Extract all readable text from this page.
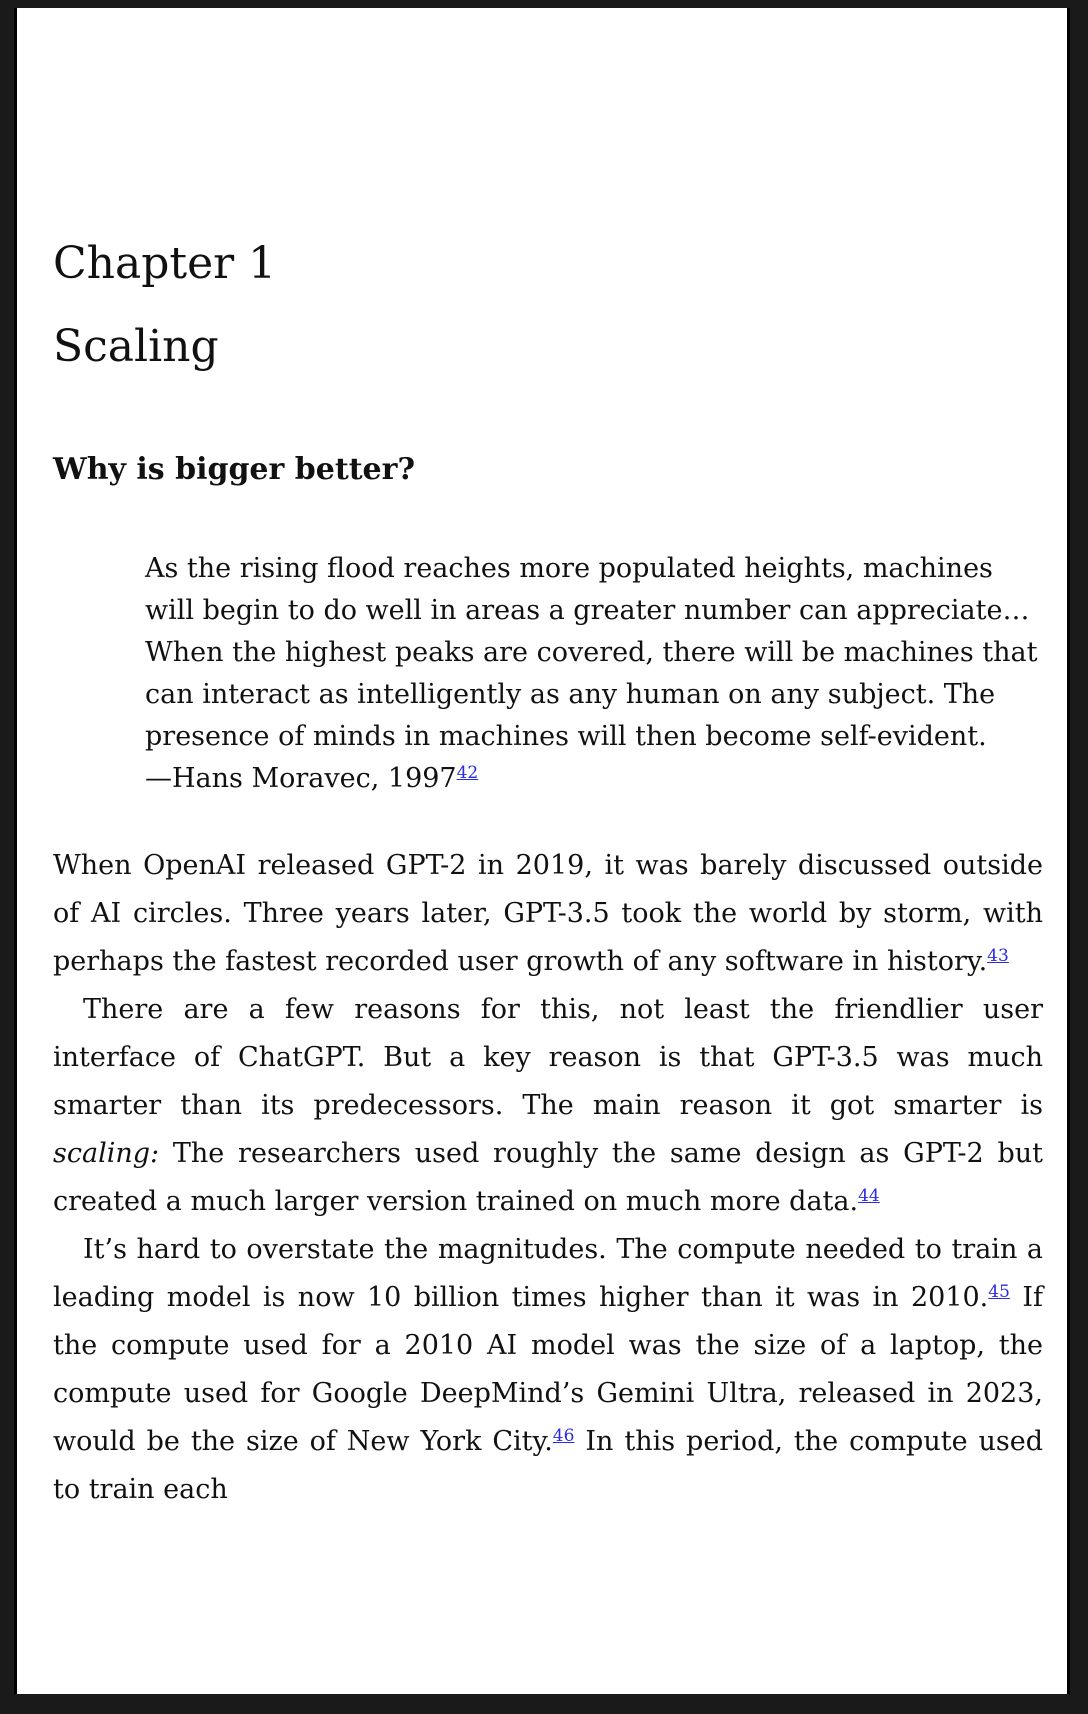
Chapter 1
Scaling
Why is bigger better?

As the rising flood reaches more populated heights, machines will begin to do well in areas a greater number can appreciate… When the highest peaks are covered, there will be machines that can interact as intelligently as any human on any subject. The presence of minds in machines will then become self-evident.

—Hans Moravec, 1997$^{42}$

When OpenAI released GPT-2 in 2019, it was barely discussed outside of AI circles. Three years later, GPT-3.5 took the world by storm, with perhaps the fastest recorded user growth of any software in history.$^{43}$

There are a few reasons for this, not least the friendlier user interface of ChatGPT. But a key reason is that GPT-3.5 was much smarter than its predecessors. The main reason it got smarter is scaling: The researchers used roughly the same design as GPT-2 but created a much larger version trained on much more data.$^{44}$

It’s hard to overstate the magnitudes. The compute needed to train a leading model is now 10 billion times higher than it was in 2010.45 If the compute used for a 2010 AI model was the size of a laptop, the compute used for Google DeepMind’s Gemini Ultra, released in 2023, would be the size of New York City.$^{46}$ In this period, the compute used to train each
